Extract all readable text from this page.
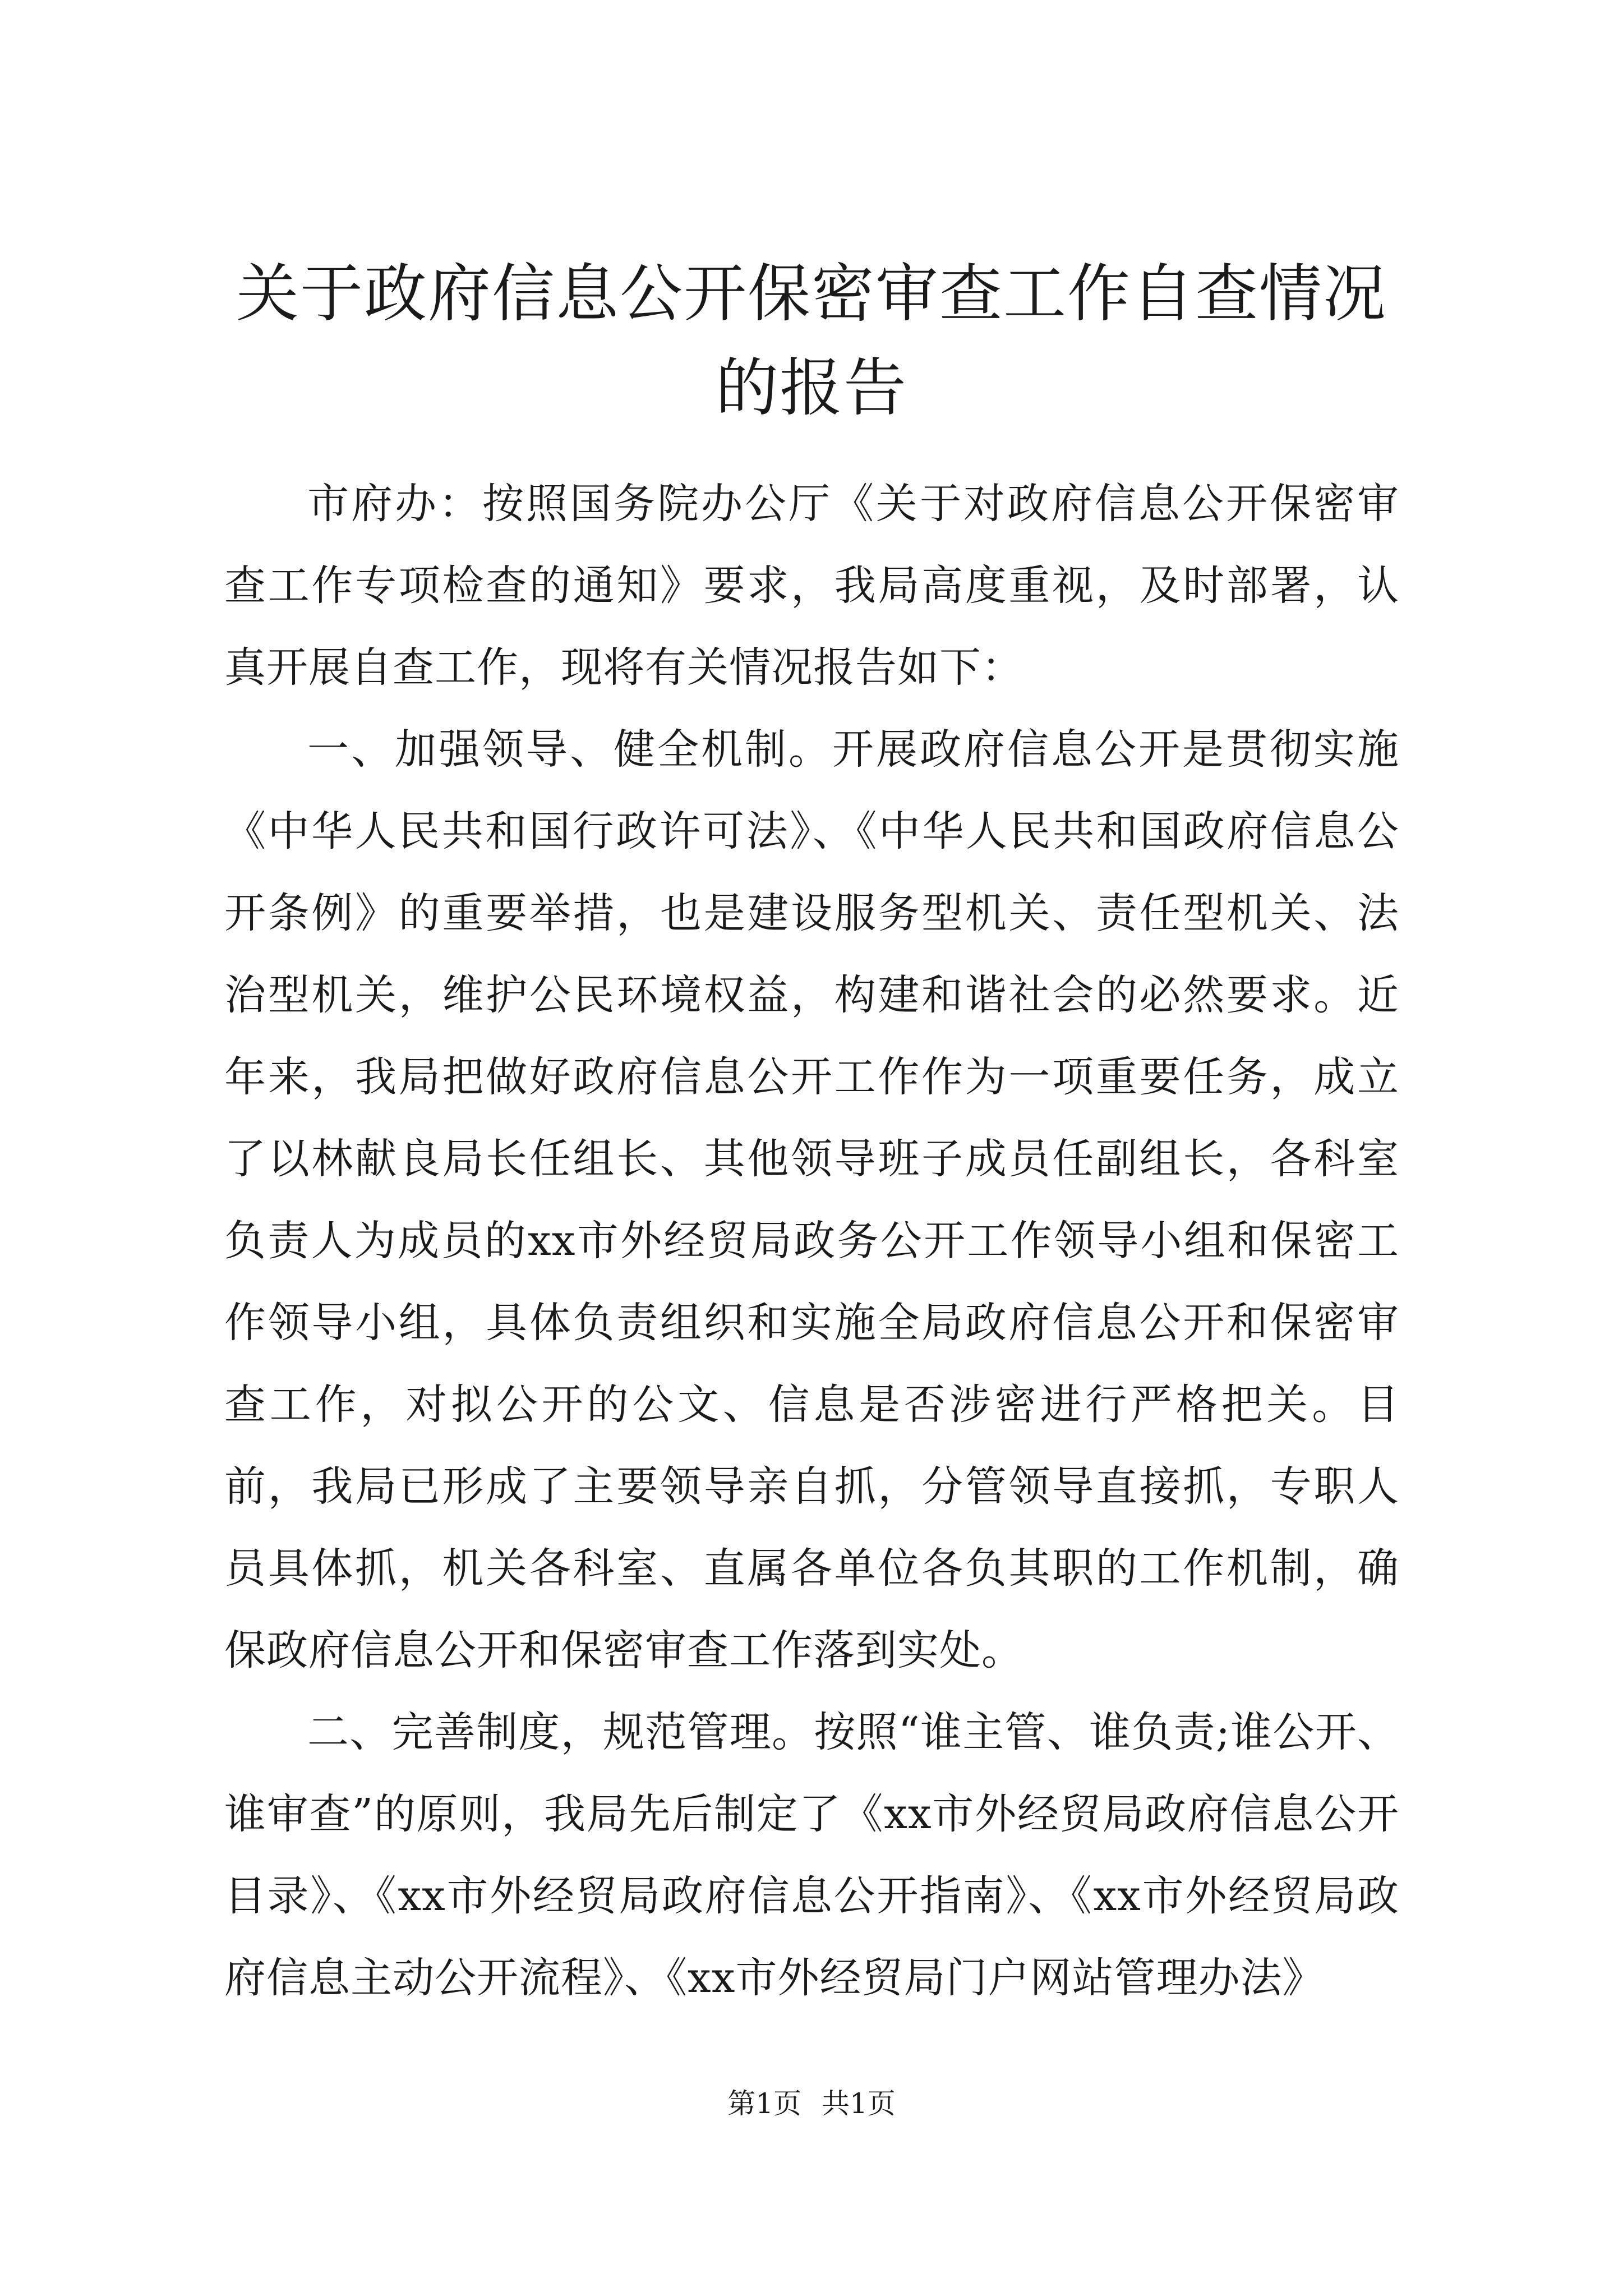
关于政府信息公开保密审查工作自查情况的报告

市府办：按照国务院办公厅《关于对政府信息公开保密审查工作专项检查的通知》要求，我局高度重视，及时部署，认真开展自查工作，现将有关情况报告如下：

一、加强领导、健全机制。开展政府信息公开是贯彻实施《中华人民共和国行政许可法》、《中华人民共和国政府信息公开条例》的重要举措，也是建设服务型机关、责任型机关、法治型机关，维护公民环境权益，构建和谐社会的必然要求。近年来，我局把做好政府信息公开工作作为一项重要任务，成立了以林献良局长任组长、其他领导班子成员任副组长，各科室负责人为成员的xx市外经贸局政务公开工作领导小组和保密工作领导小组，具体负责组织和实施全局政府信息公开和保密审查工作，对拟公开的公文、信息是否涉密进行严格把关。目前，我局已形成了主要领导亲自抓，分管领导直接抓，专职人员具体抓，机关各科室、直属各单位各负其职的工作机制，确保政府信息公开和保密审查工作落到实处。

二、完善制度，规范管理。按照“谁主管、谁负责;谁公开、谁审查”的原则，我局先后制定了《xx市外经贸局政府信息公开目录》、《xx市外经贸局政府信息公开指南》、《xx市外经贸局政府信息主动公开流程》、《xx市外经贸局门户网站管理办法》

第1页 共1页
